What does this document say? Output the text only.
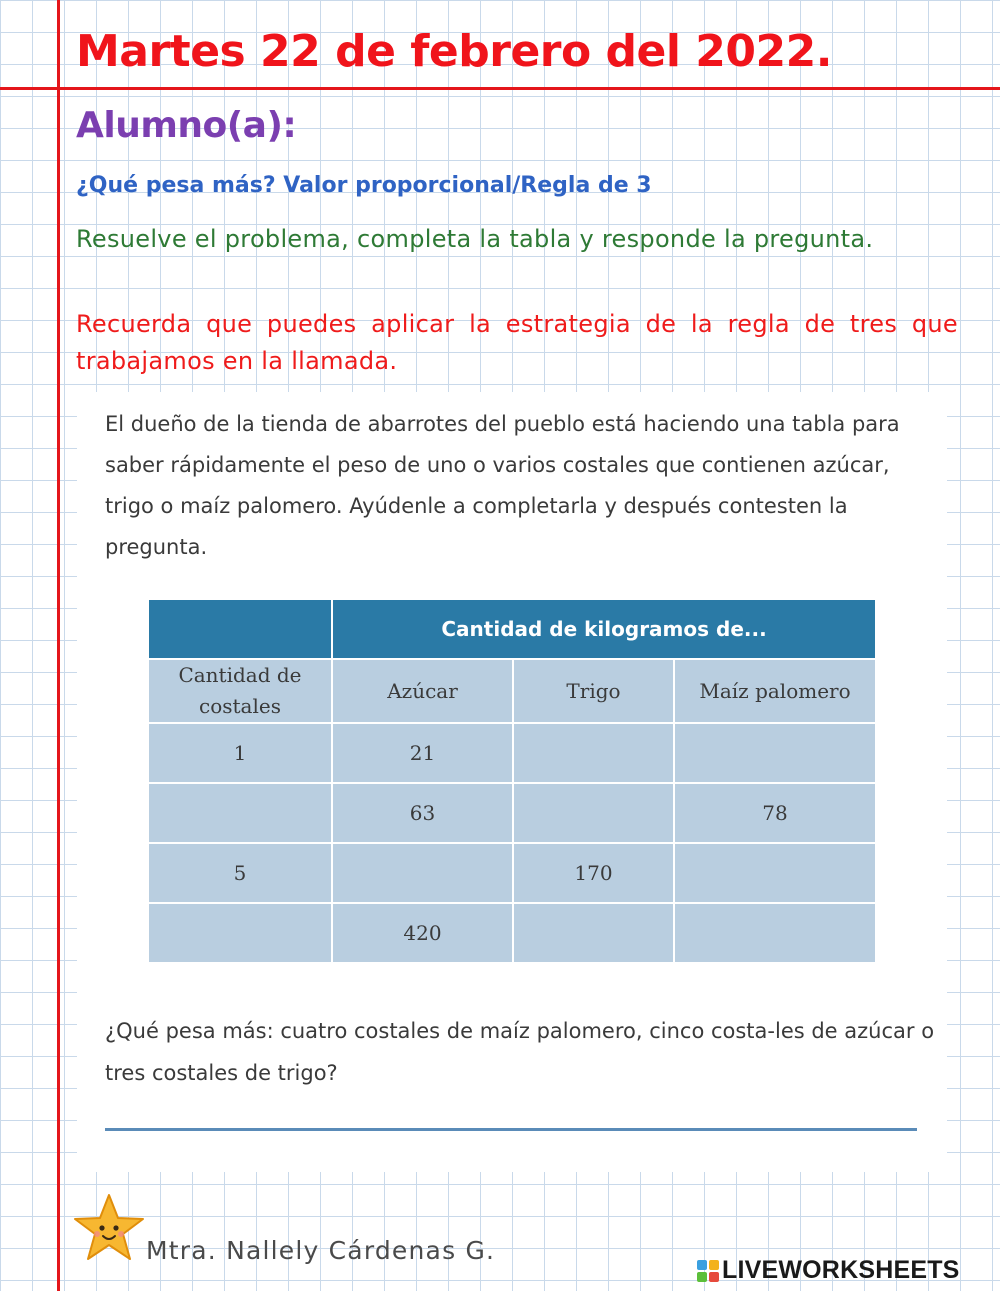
Martes 22 de febrero del 2022.
Alumno(a):
¿Qué pesa más? Valor proporcional/Regla de 3

Resuelve el problema, completa la tabla y responde la pregunta.

Recuerda que puedes aplicar la estrategia de la regla de tres que trabajamos en la llamada.

El dueño de la tienda de abarrotes del pueblo está haciendo una tabla para saber rápidamente el peso de uno o varios costales que contienen azúcar, trigo o maíz palomero. Ayúdenle a completarla y después contesten la pregunta.

	Cantidad de kilogramos de...		
Cantidad de costales	Azúcar	Trigo	Maíz palomero
1	21		
	63		78
5		170	
	420		

¿Qué pesa más: cuatro costales de maíz palomero, cinco costa-les de azúcar o tres costales de trigo?

Mtra. Nallely Cárdenas G.
LIVEWORKSHEETS
